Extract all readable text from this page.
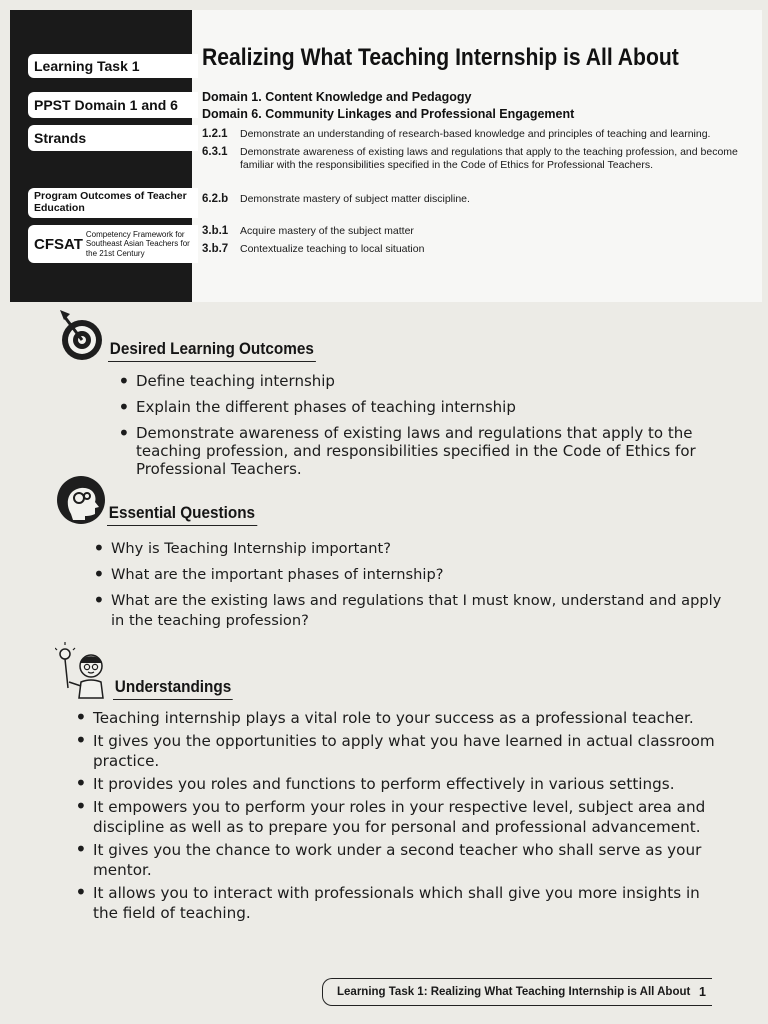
Learning Task 1
PPST Domain 1 and 6
Strands
Program Outcomes of Teacher Education
CFSAT
Competency Framework for Southeast Asian Teachers for the 21st Century
Realizing What Teaching Internship is All About
Domain 1. Content Knowledge and Pedagogy
Domain 6. Community Linkages and Professional Engagement
1.2.1	Demonstrate an understanding of research-based knowledge and principles of teaching and learning.
6.3.1	Demonstrate awareness of existing laws and regulations that apply to the teaching profession, and become familiar with the responsibilities specified in the Code of Ethics for Professional Teachers.
6.2.b	Demonstrate mastery of subject matter discipline.
3.b.1	Acquire mastery of the subject matter
3.b.7	Contextualize teaching to local situation
Desired Learning Outcomes
• Define teaching internship
• Explain the different phases of teaching internship
• Demonstrate awareness of existing laws and regulations that apply to the teaching profession, and responsibilities specified in the Code of Ethics for Professional Teachers.
Essential Questions
• Why is Teaching Internship important?
• What are the important phases of internship?
• What are the existing laws and regulations that I must know, understand and apply in the teaching profession?
Understandings
• Teaching internship plays a vital role to your success as a professional teacher.
• It gives you the opportunities to apply what you have learned in actual classroom practice.
• It provides you roles and functions to perform effectively in various settings.
• It empowers you to perform your roles in your respective level, subject area and discipline as well as to prepare you for personal and professional advancement.
• It gives you the chance to work under a second teacher who shall serve as your mentor.
• It allows you to interact with professionals which shall give you more insights in the field of teaching.
Learning Task 1: Realizing What Teaching Internship is All About 1
